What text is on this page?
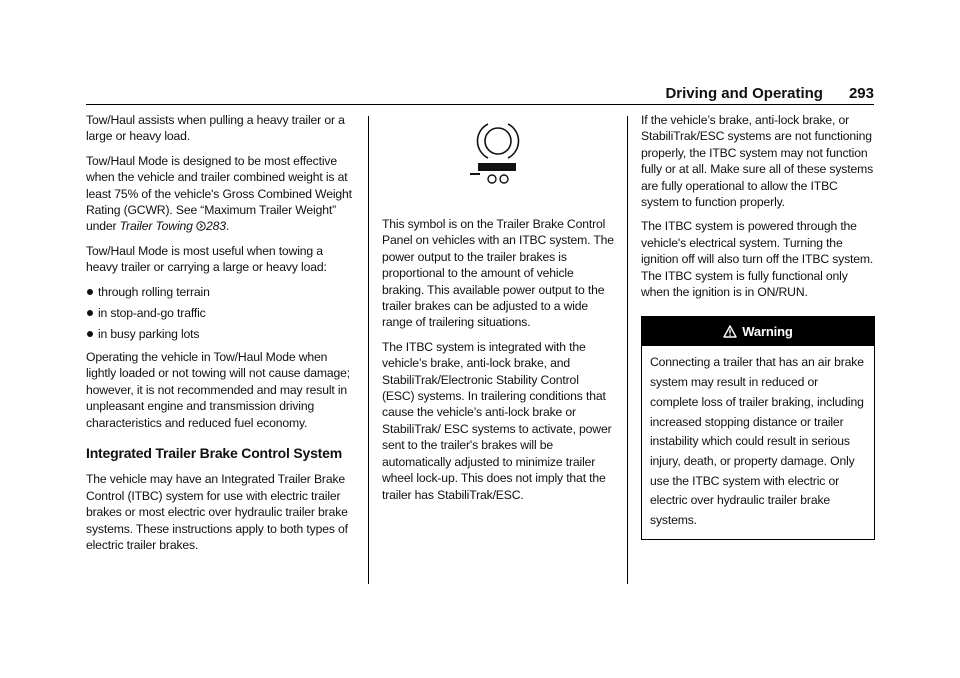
Driving and Operating 293

Tow/Haul assists when pulling a heavy trailer or a large or heavy load.

Tow/Haul Mode is designed to be most effective when the vehicle and trailer combined weight is at least 75% of the vehicle's Gross Combined Weight Rating (GCWR). See “Maximum Trailer Weight” under Trailer Towing 283.

Tow/Haul Mode is most useful when towing a heavy trailer or carrying a large or heavy load:

through rolling terrain
in stop-and-go traffic
in busy parking lots

Operating the vehicle in Tow/Haul Mode when lightly loaded or not towing will not cause damage; however, it is not recommended and may result in unpleasant engine and transmission driving characteristics and reduced fuel economy.

Integrated Trailer Brake Control System

The vehicle may have an Integrated Trailer Brake Control (ITBC) system for use with electric trailer brakes or most electric over hydraulic trailer brake systems. These instructions apply to both types of electric trailer brakes.

This symbol is on the Trailer Brake Control Panel on vehicles with an ITBC system. The power output to the trailer brakes is proportional to the amount of vehicle braking. This available power output to the trailer brakes can be adjusted to a wide range of trailering situations.

The ITBC system is integrated with the vehicle’s brake, anti-lock brake, and StabiliTrak/Electronic Stability Control (ESC) systems. In trailering conditions that cause the vehicle’s anti-lock brake or StabiliTrak/ ESC systems to activate, power sent to the trailer's brakes will be automatically adjusted to minimize trailer wheel lock-up. This does not imply that the trailer has StabiliTrak/ESC.

If the vehicle’s brake, anti-lock brake, or StabiliTrak/ESC systems are not functioning properly, the ITBC system may not function fully or at all. Make sure all of these systems are fully operational to allow the ITBC system to function properly.

The ITBC system is powered through the vehicle's electrical system. Turning the ignition off will also turn off the ITBC system. The ITBC system is fully functional only when the ignition is in ON/RUN.

Warning
Connecting a trailer that has an air brake system may result in reduced or complete loss of trailer braking, including increased stopping distance or trailer instability which could result in serious injury, death, or property damage. Only use the ITBC system with electric or electric over hydraulic trailer brake systems.
